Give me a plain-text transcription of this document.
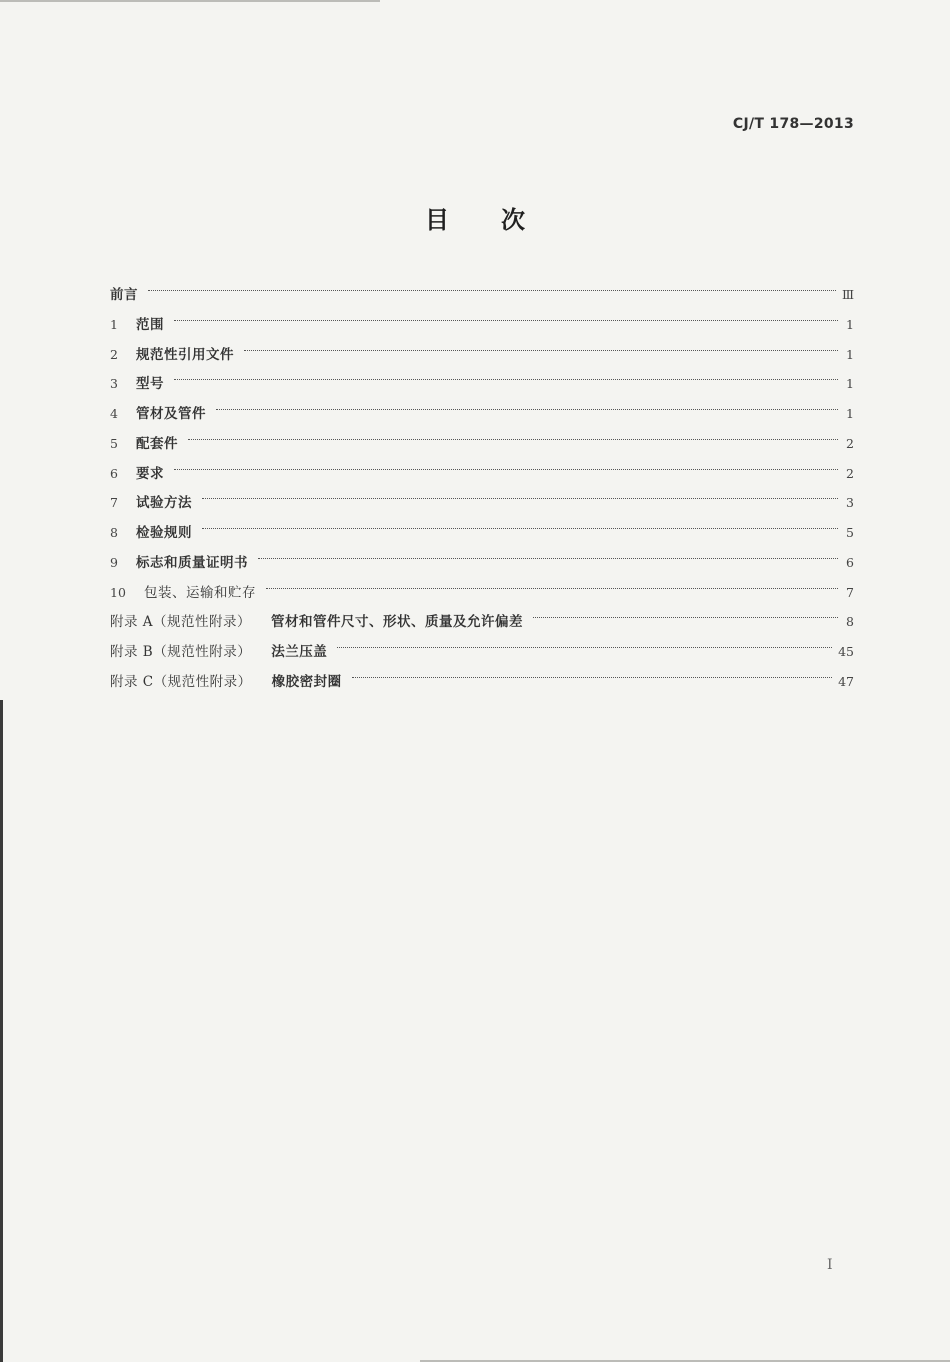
CJ/T 178—2013
目次
前言	Ⅲ
1	范围	1
2	规范性引用文件	1
3	型号	1
4	管材及管件	1
5	配套件	2
6	要求	2
7	试验方法	3
8	检验规则	5
9	标志和质量证明书	6
10	包装、运输和贮存	7
附录 A（规范性附录） 管材和管件尺寸、形状、质量及允许偏差	8
附录 B（规范性附录） 法兰压盖	45
附录 C（规范性附录） 橡胶密封圈	47
I
